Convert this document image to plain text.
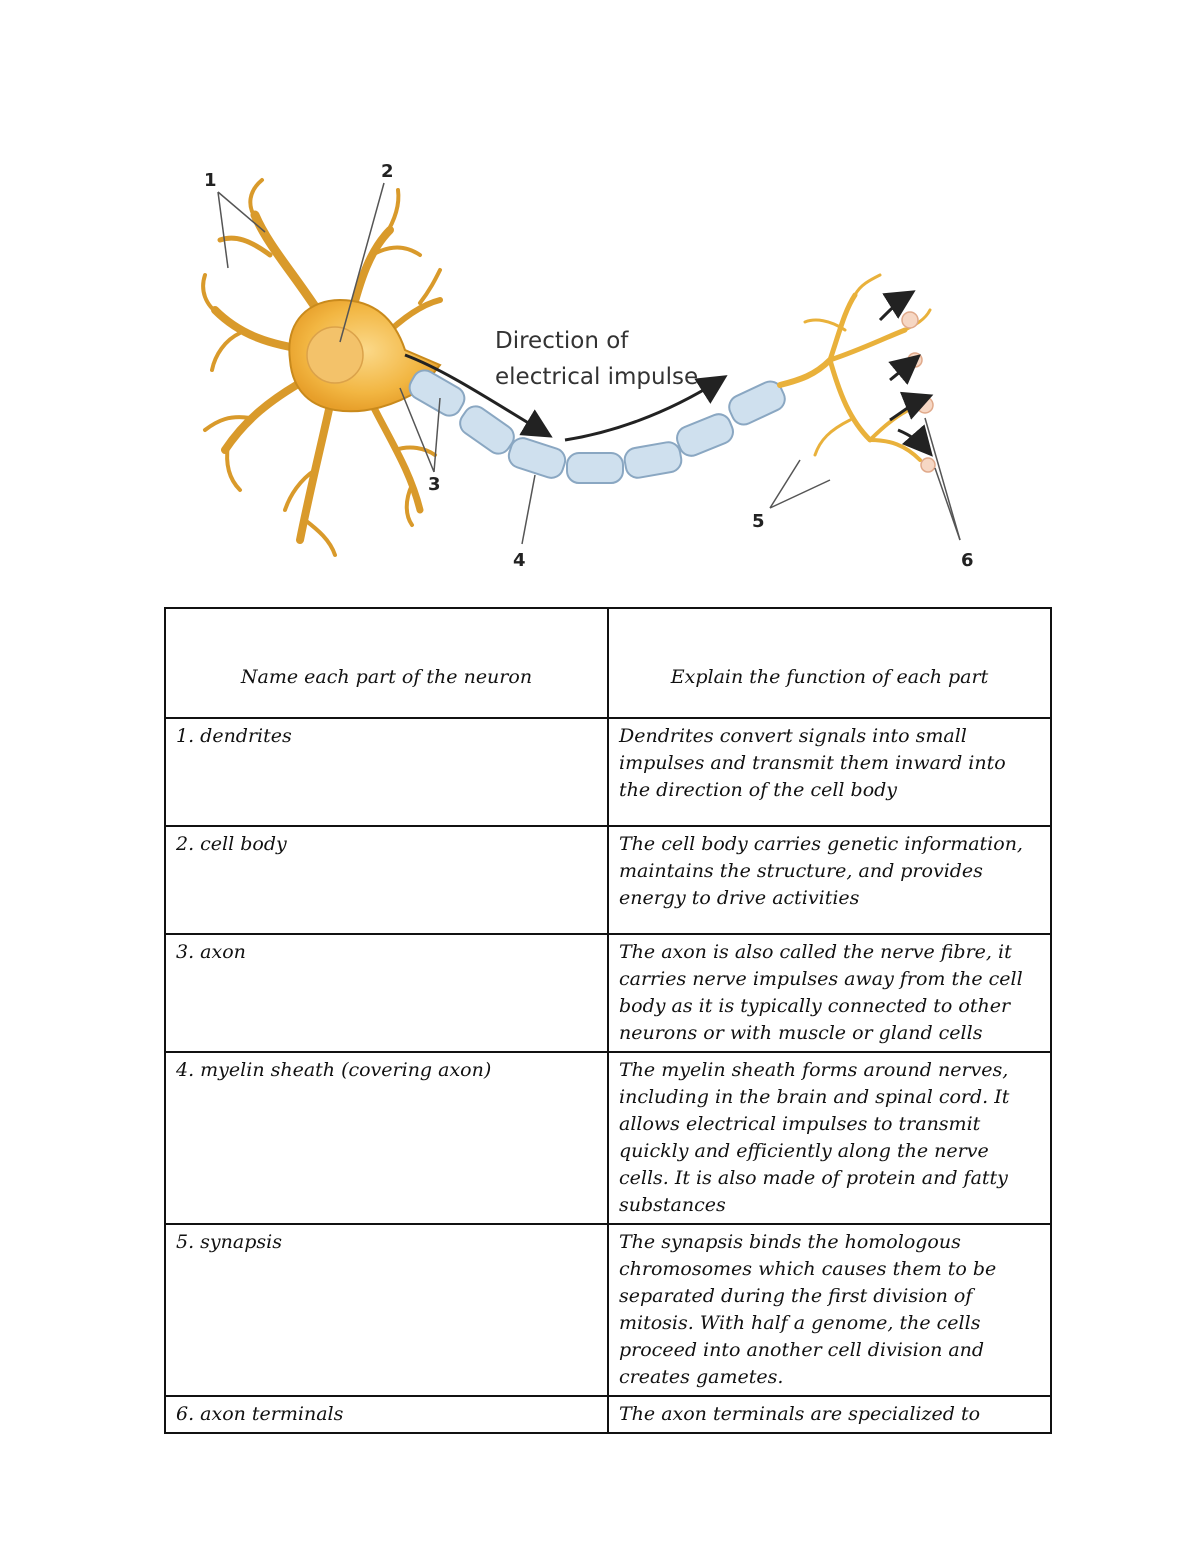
Direction of
electrical impulse
1	2
3
4
5
6
Name each part of the neuron	Explain the function of each part
1. dendrites	Dendrites convert signals into small impulses and transmit them inward into the direction of the cell body
2. cell body	The cell body carries genetic information, maintains the structure, and provides energy to drive activities
3. axon	The axon is also called the nerve fibre, it carries nerve impulses away from the cell body as it is typically connected to other neurons or with muscle or gland cells
4. myelin sheath (covering axon)	The myelin sheath forms around nerves, including in the brain and spinal cord. It allows electrical impulses to transmit quickly and efficiently along the nerve cells. It is also made of protein and fatty substances
5. synapsis	The synapsis binds the homologous chromosomes which causes them to be separated during the first division of mitosis. With half a genome, the cells proceed into another cell division and creates gametes.
6. axon terminals	The axon terminals are specialized to
